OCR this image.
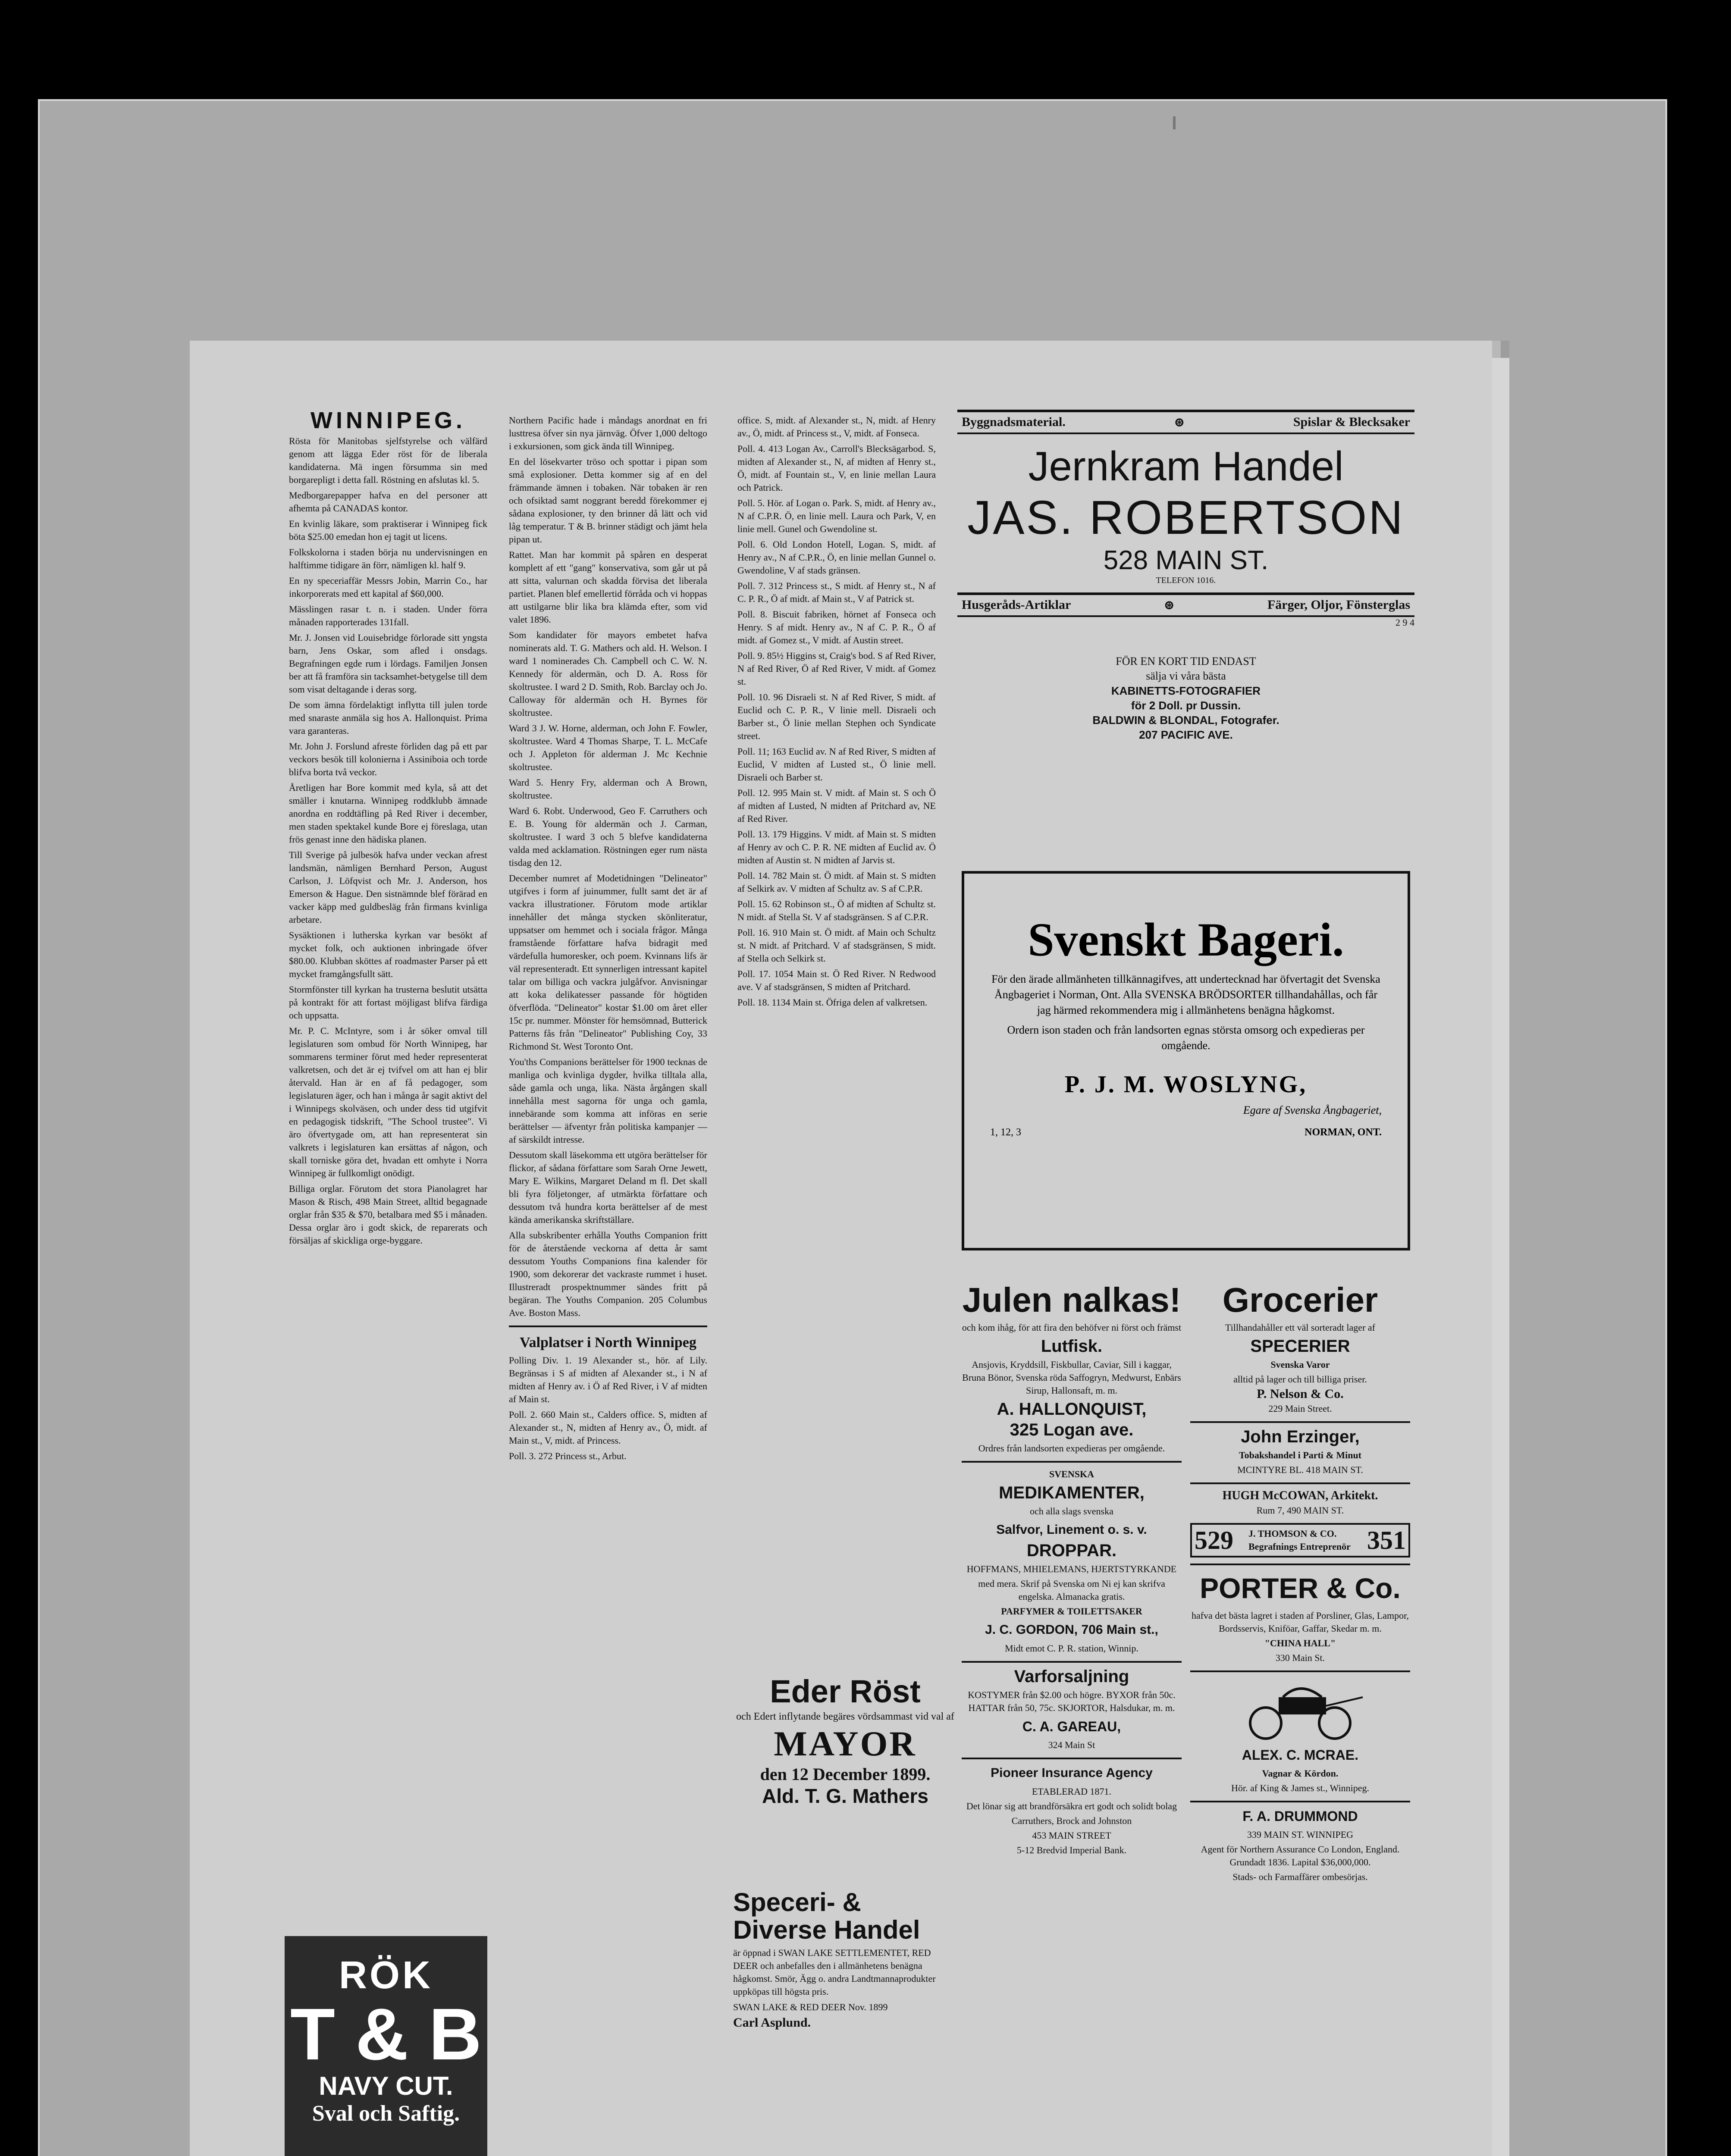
WINNIPEG.

Rösta för Manitobas sjelfstyrelse och välfärd genom att lägga Eder röst för de liberala kandidaterna. Mä ingen försumma sin med borgarepligt i detta fall. Röstning en afslutas kl. 5.

Medborgarepapper hafva en del personer att afhemta på CANADAS kontor.

En kvinlig läkare, som praktiserar i Winnipeg fick böta $25.00 emedan hon ej tagit ut licens.

Folkskolorna i staden börja nu undervisningen en halftimme tidigare än förr, nämligen kl. half 9.

En ny speceriaffär Messrs Jobin, Marrin Co., har inkorporerats med ett kapital af $60,000.

Mässlingen rasar t. n. i staden. Under förra månaden rapporterades 131fall.

Mr. J. Jonsen vid Louisebridge förlorade sitt yngsta barn, Jens Oskar, som afled i onsdags. Begrafningen egde rum i lördags. Familjen Jonsen ber att få framföra sin tacksamhet-betygelse till dem som visat deltagande i deras sorg.

De som ämna fördelaktigt inflytta till julen torde med snaraste anmäla sig hos A. Hallonquist. Prima vara garanteras.

Mr. John J. Forslund afreste förliden dag på ett par veckors besök till kolonierna i Assiniboia och torde blifva borta två veckor.

Åretligen har Bore kommit med kyla, så att det smäller i knutarna. Winnipeg roddklubb ämnade anordna en roddtäfling på Red River i december, men staden spektakel kunde Bore ej föreslaga, utan frös genast inne den hädiska planen.

Till Sverige på julbesök hafva under veckan afrest landsmän, nämligen Bernhard Person, August Carlson, J. Löfqvist och Mr. J. Anderson, hos Emerson & Hague. Den sistnämnde blef förärad en vacker käpp med guldbesläg från firmans kvinliga arbetare.

Sysäktionen i lutherska kyrkan var besökt af mycket folk, och auktionen inbringade öfver $80.00. Klubban sköttes af roadmaster Parser på ett mycket framgångsfullt sätt.

Stormfönster till kyrkan ha trusterna beslutit utsätta på kontrakt för att fortast möjligast blifva färdiga och uppsatta.

Mr. P. C. McIntyre, som i år söker omval till legislaturen som ombud för North Winnipeg, har sommarens terminer förut med heder representerat valkretsen, och det är ej tvifvel om att han ej blir återvald. Han är en af få pedagoger, som legislaturen äger, och han i många år sagit aktivt del i Winnipegs skolväsen, och under dess tid utgifvit en pedagogisk tidskrift, "The School trustee". Vi äro öfvertygade om, att han representerat sin valkrets i legislaturen kan ersättas af någon, och skall torniske göra det, hvadan ett omhyte i Norra Winnipeg är fullkomligt onödigt.

Billiga orglar. Förutom det stora Pianolagret har Mason & Risch, 498 Main Street, alltid begagnade orglar från $35 & $70, betalbara med $5 i månaden. Dessa orglar äro i godt skick, de reparerats och försäljas af skickliga orge-byggare.

RÖK
T & B
NAVY CUT.
Sval och Saftig.

Northern Pacific hade i måndags anordnat en fri lusttresa öfver sin nya järnväg. Öfver 1,000 deltogo i exkursionen, som gick ända till Winnipeg.

En del lösekvarter tröso och spottar i pipan som små explosioner. Detta kommer sig af en del främmande ämnen i tobaken. När tobaken är ren och ofsiktad samt noggrant beredd förekommer ej sådana explosioner, ty den brinner då lätt och vid låg temperatur. T & B. brinner städigt och jämt hela pipan ut.

Rattet. Man har kommit på spåren en desperat komplett af ett "gang" konservativa, som går ut på att sitta, valurnan och skadda förvisa det liberala partiet. Planen blef emellertid förråda och vi hoppas att ustilgarne blir lika bra klämda efter, som vid valet 1896.

Som kandidater för mayors embetet hafva nominerats ald. T. G. Mathers och ald. H. Welson. I ward 1 nominerades Ch. Campbell och C. W. N. Kennedy för aldermän, och D. A. Ross för skoltrustee. I ward 2 D. Smith, Rob. Barclay och Jo. Calloway för aldermän och H. Byrnes för skoltrustee.

Ward 3 J. W. Horne, alderman, och John F. Fowler, skoltrustee. Ward 4 Thomas Sharpe, T. L. McCafe och J. Appleton för alderman J. Mc Kechnie skoltrustee.

Ward 5. Henry Fry, alderman och A Brown, skoltrustee.

Ward 6. Robt. Underwood, Geo F. Carruthers och E. B. Young för aldermän och J. Carman, skoltrustee. I ward 3 och 5 blefve kandidaterna valda med acklamation. Röstningen eger rum nästa tisdag den 12.

December numret af Modetidningen "Delineator" utgifves i form af juinummer, fullt samt det är af vackra illustrationer. Förutom mode artiklar innehåller det många stycken skönliteratur, uppsatser om hemmet och i sociala frågor. Många framstående författare hafva bidragit med värdefulla humoresker, och poem. Kvinnans lifs är väl representeradt. Ett synnerligen intressant kapitel talar om billiga och vackra julgåfvor. Anvisningar att koka delikatesser passande för högtiden öfverflöda. "Delineator" kostar $1.00 om året eller 15c pr. nummer. Mönster för hemsömnad, Butterick Patterns fås från "Delineator" Publishing Coy, 33 Richmond St. West Toronto Ont.

You'ths Companions berättelser för 1900 tecknas de manliga och kvinliga dygder, hvilka tilltala alla, såde gamla och unga, lika. Nästa årgången skall innehålla mest sagorna för unga och gamla, innebärande som komma att införas en serie berättelser — äfventyr från politiska kampanjer — af särskildt intresse.

Dessutom skall läsekomma ett utgöra berättelser för flickor, af sådana författare som Sarah Orne Jewett, Mary E. Wilkins, Margaret Deland m fl. Det skall bli fyra följetonger, af utmärkta författare och dessutom två hundra korta berättelser af de mest kända amerikanska skriftställare.

Alla subskribenter erhålla Youths Companion fritt för de återstående veckorna af detta år samt dessutom Youths Companions fina kalender för 1900, som dekorerar det vackraste rummet i huset. Illustreradt prospektnummer sändes fritt på begäran. The Youths Companion. 205 Columbus Ave. Boston Mass.

Valplatser i North Winnipeg

Polling Div. 1. 19 Alexander st., hör. af Lily. Begränsas i S af midten af Alexander st., i N af midten af Henry av. i Ö af Red River, i V af midten af Main st.

Poll. 2. 660 Main st., Calders office. S, midten af Alexander st., N, midten af Henry av., Ö, midt. af Main st., V, midt. af Princess.

Poll. 3. 272 Princess st., Arbut.

office. S, midt. af Alexander st., N, midt. af Henry av., Ö, midt. af Princess st., V, midt. af Fonseca.

Poll. 4. 413 Logan Av., Carroll's Blecksägarbod. S, midten af Alexander st., N, af midten af Henry st., Ö, midt. af Fountain st., V, en linie mellan Laura och Patrick.

Poll. 5. Hör. af Logan o. Park. S, midt. af Henry av., N af C.P.R. Ö, en linie mell. Laura och Park, V, en linie mell. Gunel och Gwendoline st.

Poll. 6. Old London Hotell, Logan. S, midt. af Henry av., N af C.P.R., Ö, en linie mellan Gunnel o. Gwendoline, V af stads gränsen.

Poll. 7. 312 Princess st., S midt. af Henry st., N af C. P. R., Ö af midt. af Main st., V af Patrick st.

Poll. 8. Biscuit fabriken, hörnet af Fonseca och Henry. S af midt. Henry av., N af C. P. R., Ö af midt. af Gomez st., V midt. af Austin street.

Poll. 9. 85½ Higgins st, Craig's bod. S af Red River, N af Red River, Ö af Red River, V midt. af Gomez st.

Poll. 10. 96 Disraeli st. N af Red River, S midt. af Euclid och C. P. R., V linie mell. Disraeli och Barber st., Ö linie mellan Stephen och Syndicate street.

Poll. 11; 163 Euclid av. N af Red River, S midten af Euclid, V midten af Lusted st., Ö linie mell. Disraeli och Barber st.

Poll. 12. 995 Main st. V midt. af Main st. S och Ö af midten af Lusted, N midten af Pritchard av, NE af Red River.

Poll. 13. 179 Higgins. V midt. af Main st. S midten af Henry av och C. P. R. NE midten af Euclid av. Ö midten af Austin st. N midten af Jarvis st.

Poll. 14. 782 Main st. Ö midt. af Main st. S midten af Selkirk av. V midten af Schultz av. S af C.P.R.

Poll. 15. 62 Robinson st., Ö af midten af Schultz st. N midt. af Stella St. V af stadsgränsen. S af C.P.R.

Poll. 16. 910 Main st. Ö midt. af Main och Schultz st. N midt. af Pritchard. V af stadsgränsen, S midt. af Stella och Selkirk st.

Poll. 17. 1054 Main st. Ö Red River. N Redwood ave. V af stadsgränsen, S midten af Pritchard.

Poll. 18. 1134 Main st. Öfriga delen af valkretsen.

Eder Röst
och Edert inflytande begäres vördsammast vid val af
MAYOR
den 12 December 1899.
Ald. T. G. Mathers
Speceri- & Diverse Handel

är öppnad i SWAN LAKE SETTLEMENTET, RED DEER och anbefalles den i allmänhetens benägna hågkomst. Smör, Ägg o. andra Landtmannaprodukter uppköpas till högsta pris.

SWAN LAKE & RED DEER Nov. 1899

Carl Asplund.

Byggnadsmaterial.	⊛	Spislar & Blecksaker
Jernkram Handel
JAS. ROBERTSON
528 MAIN ST.
TELEFON 1016.
Husgeråds-Artiklar	⊛	Färger, Oljor, Fönsterglas
2 9 4
FÖR EN KORT TID ENDAST
sälja vi våra bästa
KABINETTS-FOTOGRAFIER
för 2 Doll. pr Dussin.
BALDWIN & BLONDAL, Fotografer.
207 PACIFIC AVE.
Svenskt Bageri.

För den ärade allmänheten tillkännagifves, att undertecknad har öfvertagit det Svenska Ångbageriet i Norman, Ont. Alla SVENSKA BRÖDSORTER tillhandahållas, och får jag härmed rekommendera mig i allmänhetens benägna hågkomst.

Ordern ison staden och från landsorten egnas största omsorg och expedieras per omgående.

P. J. M. WOSLYNG,

Egare af Svenska Ångbageriet,

1, 12, 3	NORMAN, ONT.
Julen nalkas!

och kom ihåg, för att fira den behöfver ni först och främst

Lutfisk.

Ansjovis, Kryddsill, Fiskbullar, Caviar, Sill i kaggar, Bruna Bönor, Svenska röda Saffogryn, Medwurst, Enbärs Sirup, Hallonsaft, m. m.

A. HALLONQUIST,
325 Logan ave.

Ordres från landsorten expedieras per omgående.

SVENSKA

MEDIKAMENTER,

och alla slags svenska

Salfvor, Linement o. s. v.
DROPPAR.

HOFFMANS, MHIELEMANS, HJERTSTYRKANDE

med mera. Skrif på Svenska om Ni ej kan skrifva engelska. Almanacka gratis.

PARFYMER & TOILETTSAKER

J. C. GORDON, 706 Main st.,

Midt emot C. P. R. station, Winnip.

Varforsaljning

KOSTYMER från $2.00 och högre. BYXOR från 50c. HATTAR från 50, 75c. SKJORTOR, Halsdukar, m. m.

C. A. GAREAU,

324 Main St

Pioneer Insurance Agency

ETABLERAD 1871.

Det lönar sig att brandförsäkra ert godt och solidt bolag

Carruthers, Brock and Johnston

453 MAIN STREET

5-12 Bredvid Imperial Bank.

Grocerier

Tillhandahåller ett väl sorteradt lager af

SPECERIER

Svenska Varor

alltid på lager och till billiga priser.

P. Nelson & Co.

229 Main Street.

John Erzinger,

Tobakshandel i Parti & Minut

MCINTYRE BL. 418 MAIN ST.

HUGH McCOWAN, Arkitekt.

Rum 7, 490 MAIN ST.

529 J. THOMSON & CO. Begrafnings Entreprenör 351
PORTER & Co.

hafva det bästa lagret i staden af Porsliner, Glas, Lampor, Bordsservis, Kniföar, Gaffar, Skedar m. m.

"CHINA HALL"

330 Main St.

ALEX. C. MCRAE.

Vagnar & Kördon.

Hör. af King & James st., Winnipeg.

F. A. DRUMMOND

339 MAIN ST. WINNIPEG

Agent för Northern Assurance Co London, England. Grundadt 1836. Lapital $36,000,000.

Stads- och Farmaffärer ombesörjas.
